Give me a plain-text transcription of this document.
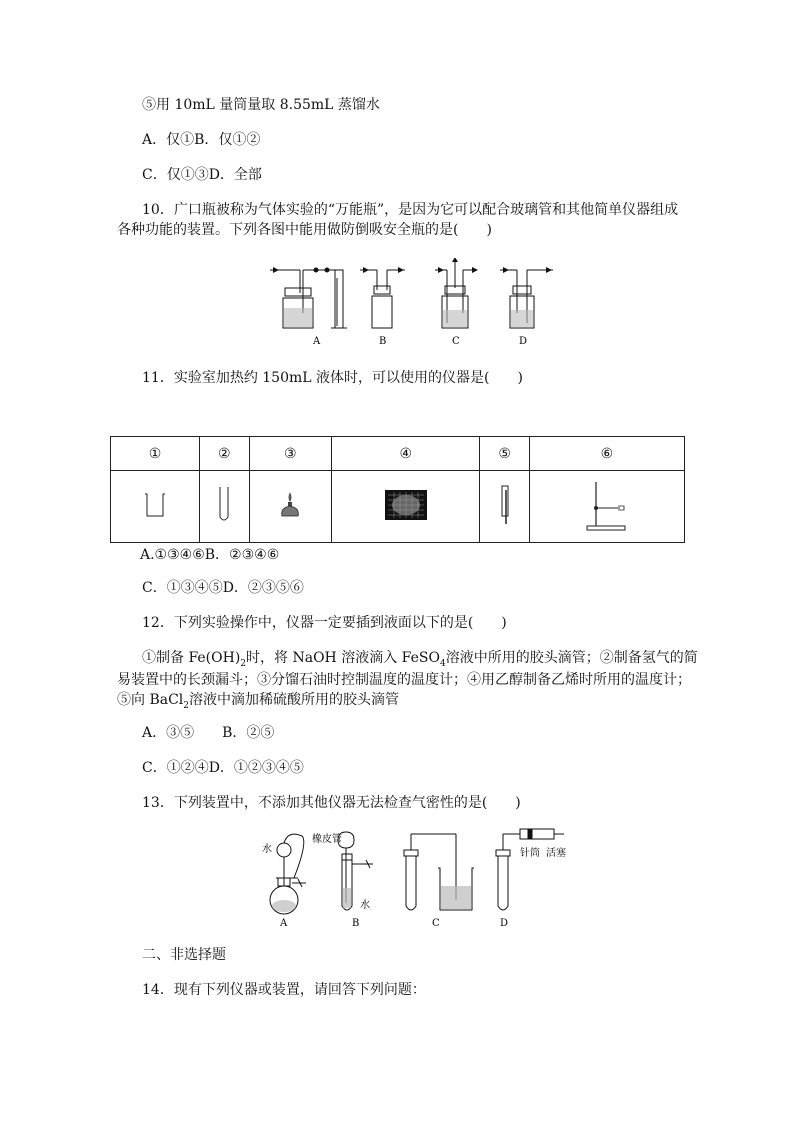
⑤用 10mL 量筒量取 8.55mL 蒸馏水
A．仅①B．仅①②
C．仅①③D．全部
10．广口瓶被称为气体实验的“万能瓶”，是因为它可以配合玻璃管和其他简单仪器组成
各种功能的装置。下列各图中能用做防倒吸安全瓶的是(　　)
A	B	C	D
11．实验室加热约 150mL 液体时，可以使用的仪器是(　　)
①	②	③	④	⑤	⑥

A.①③④⑥B．②③④⑥
C．①③④⑤D．②③⑤⑥
12．下列实验操作中，仪器一定要插到液面以下的是(　　)
①制备 $Fe(OH)_2$时，将 NaOH 溶液滴入 FeSO$_4$溶液中所用的胶头滴管；②制备氢气的简
易装置中的长颈漏斗；③分馏石油时控制温度的温度计；④用乙醇制备乙烯时所用的温度计；
⑤向 BaCl$_2$溶液中滴加稀硫酸所用的胶头滴管
A．③⑤　　B．②⑤
C．①②④D．①②③④⑤
13．下列装置中，不添加其他仪器无法检查气密性的是(　　)
水
橡皮管
水
针筒 活塞
A	B	C	D
二、非选择题
14．现有下列仪器或装置，请回答下列问题：
